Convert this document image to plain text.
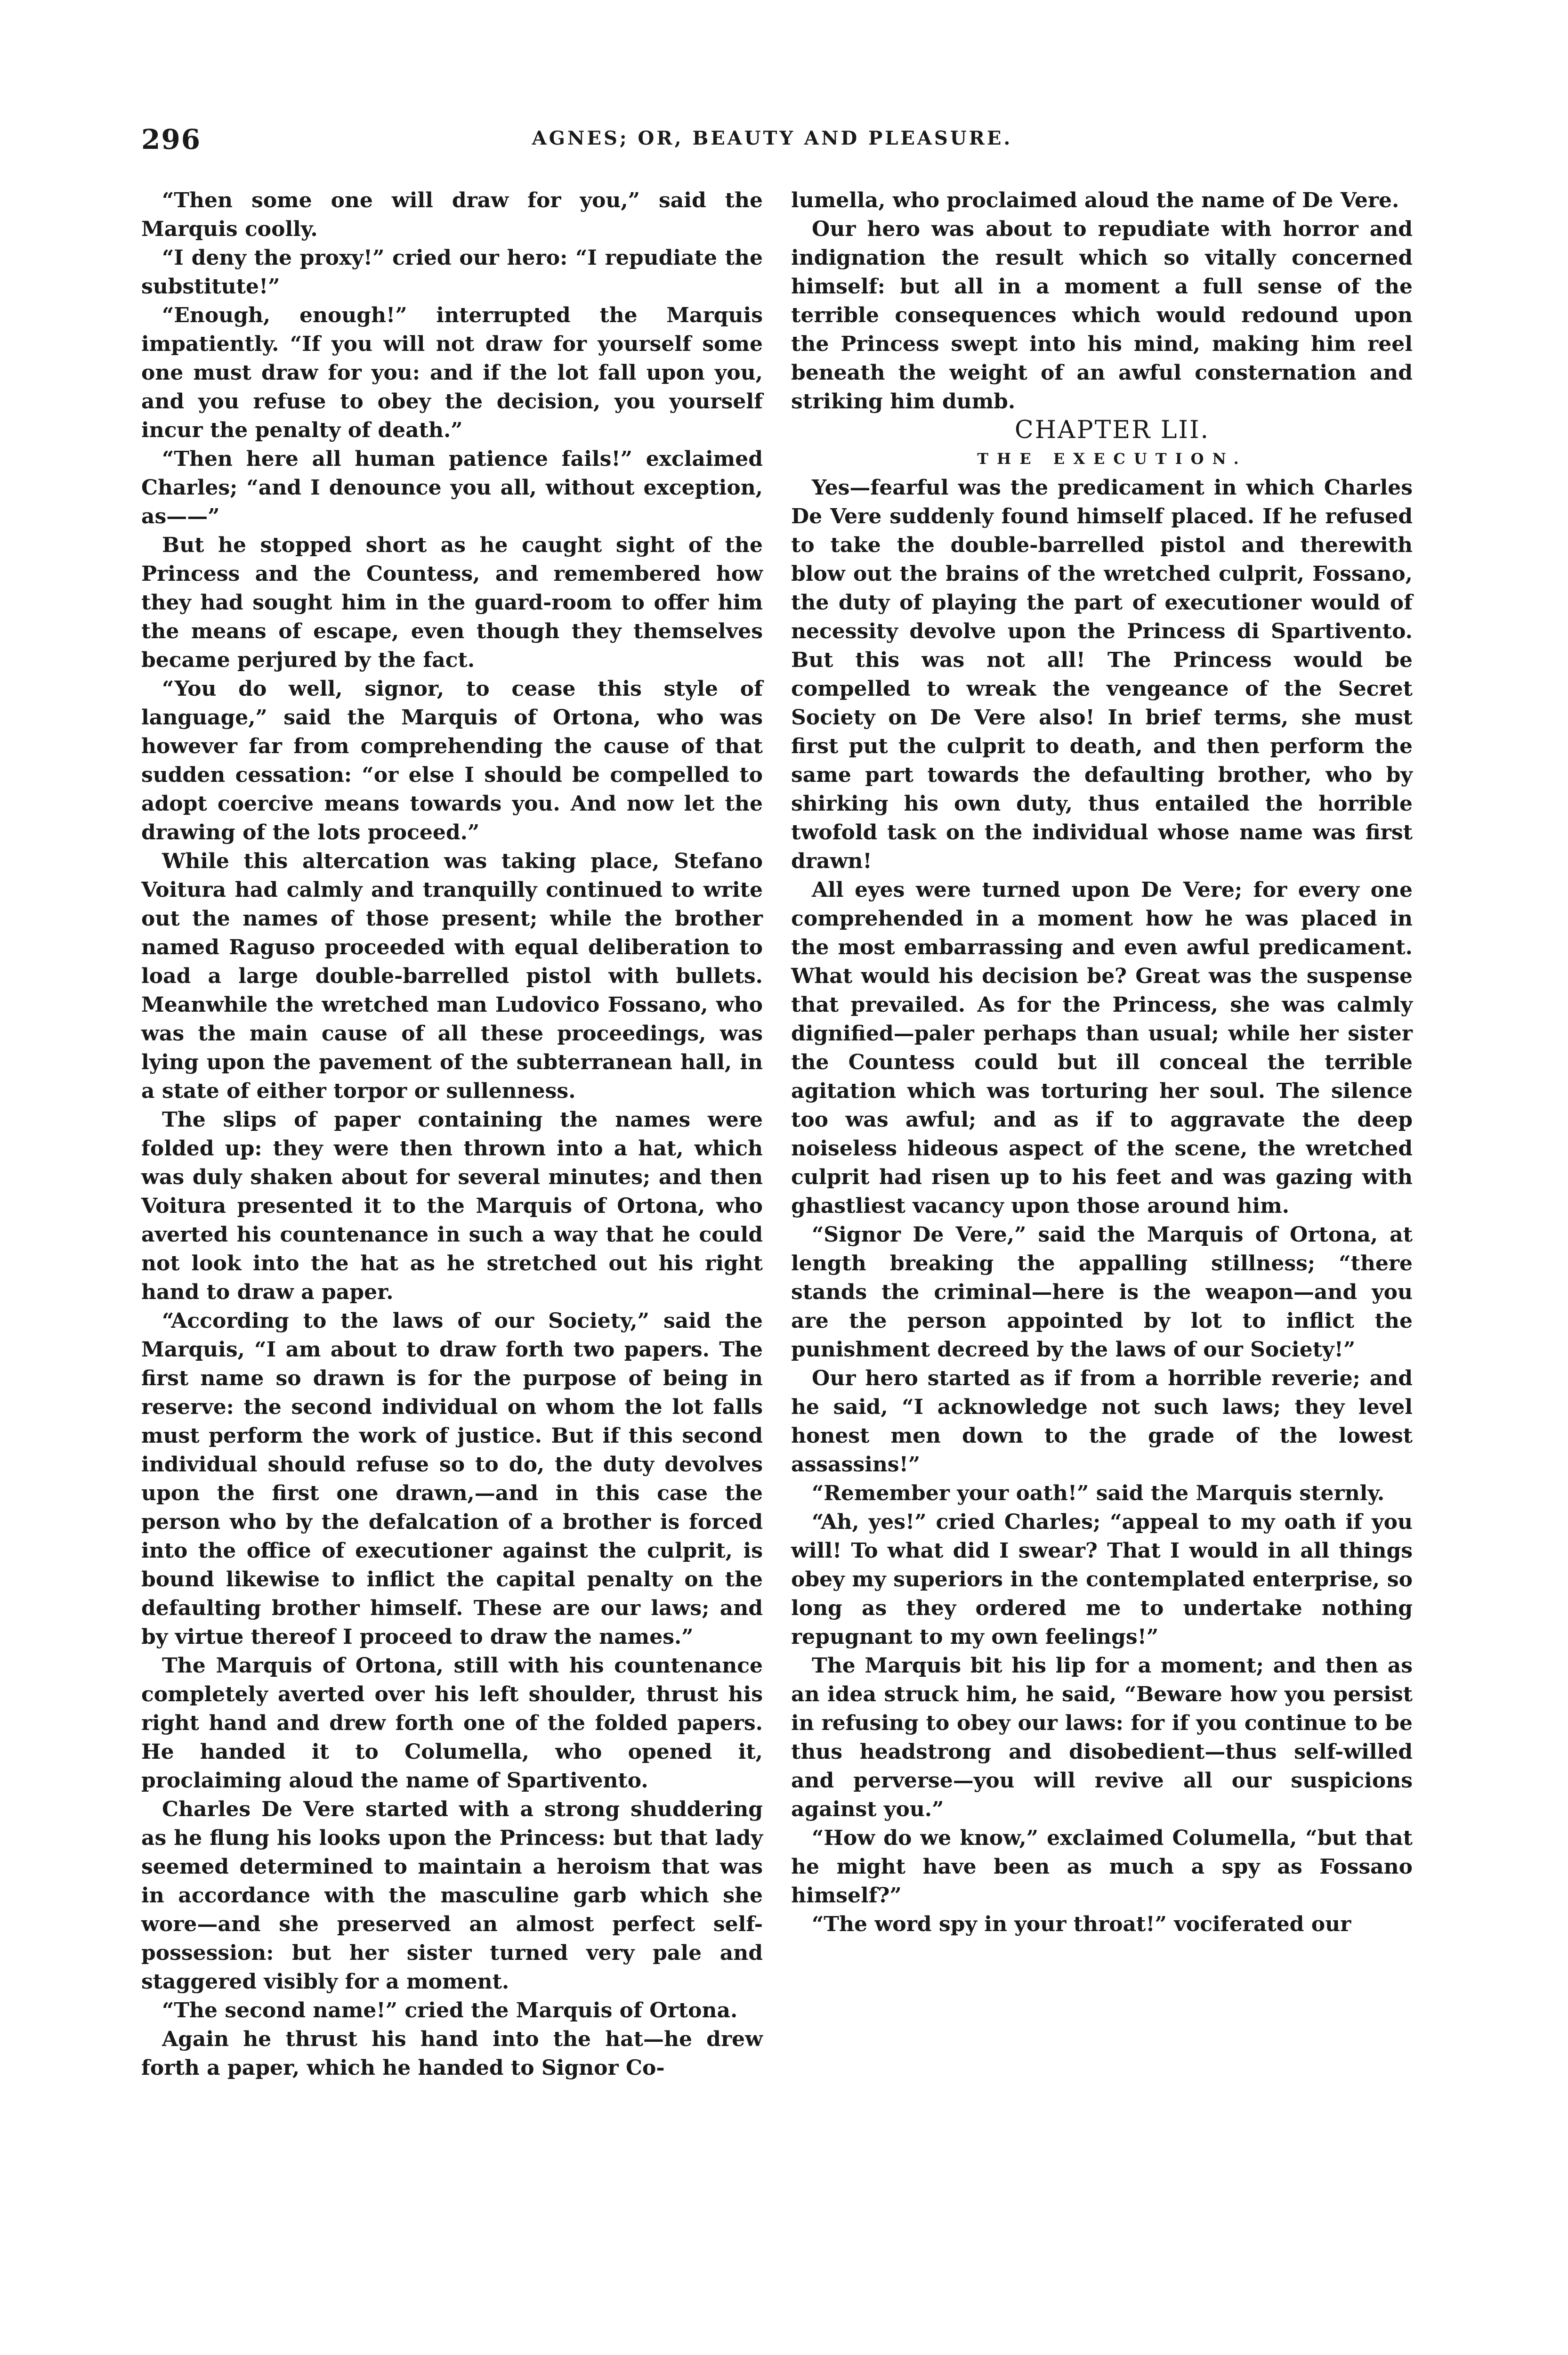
296	AGNES; OR, BEAUTY AND PLEASURE.

“Then some one will draw for you,” said the Marquis coolly.

“I deny the proxy!” cried our hero: “I repudiate the substitute!”

“Enough, enough!” interrupted the Marquis impatiently. “If you will not draw for yourself some one must draw for you: and if the lot fall upon you, and you refuse to obey the decision, you yourself incur the penalty of death.”

“Then here all human patience fails!” exclaimed Charles; “and I denounce you all, without exception, as——”

But he stopped short as he caught sight of the Princess and the Countess, and remembered how they had sought him in the guard-room to offer him the means of escape, even though they themselves became perjured by the fact.

“You do well, signor, to cease this style of language,” said the Marquis of Ortona, who was however far from comprehending the cause of that sudden cessation: “or else I should be compelled to adopt coercive means towards you. And now let the drawing of the lots proceed.”

While this altercation was taking place, Stefano Voitura had calmly and tranquilly continued to write out the names of those present; while the brother named Raguso proceeded with equal deliberation to load a large double-barrelled pistol with bullets. Meanwhile the wretched man Ludovico Fossano, who was the main cause of all these proceedings, was lying upon the pavement of the subterranean hall, in a state of either torpor or sullenness.

The slips of paper containing the names were folded up: they were then thrown into a hat, which was duly shaken about for several minutes; and then Voitura presented it to the Marquis of Ortona, who averted his countenance in such a way that he could not look into the hat as he stretched out his right hand to draw a paper.

“According to the laws of our Society,” said the Marquis, “I am about to draw forth two papers. The first name so drawn is for the purpose of being in reserve: the second individual on whom the lot falls must perform the work of justice. But if this second individual should refuse so to do, the duty devolves upon the first one drawn,—and in this case the person who by the defalcation of a brother is forced into the office of executioner against the culprit, is bound likewise to inflict the capital penalty on the defaulting brother himself. These are our laws; and by virtue thereof I proceed to draw the names.”

The Marquis of Ortona, still with his countenance completely averted over his left shoulder, thrust his right hand and drew forth one of the folded papers. He handed it to Columella, who opened it, proclaiming aloud the name of Spartivento.

Charles De Vere started with a strong shuddering as he flung his looks upon the Princess: but that lady seemed determined to maintain a heroism that was in accordance with the masculine garb which she wore—and she preserved an almost perfect self-possession: but her sister turned very pale and staggered visibly for a moment.

“The second name!” cried the Marquis of Ortona.

Again he thrust his hand into the hat—he drew forth a paper, which he handed to Signor Co-

lumella, who proclaimed aloud the name of De Vere.

Our hero was about to repudiate with horror and indignation the result which so vitally concerned himself: but all in a moment a full sense of the terrible consequences which would redound upon the Princess swept into his mind, making him reel beneath the weight of an awful consternation and striking him dumb.

CHAPTER LII.

THE EXECUTION.

Yes—fearful was the predicament in which Charles De Vere suddenly found himself placed. If he refused to take the double-barrelled pistol and therewith blow out the brains of the wretched culprit, Fossano, the duty of playing the part of executioner would of necessity devolve upon the Princess di Spartivento. But this was not all! The Princess would be compelled to wreak the vengeance of the Secret Society on De Vere also! In brief terms, she must first put the culprit to death, and then perform the same part towards the defaulting brother, who by shirking his own duty, thus entailed the horrible twofold task on the individual whose name was first drawn!

All eyes were turned upon De Vere; for every one comprehended in a moment how he was placed in the most embarrassing and even awful predicament. What would his decision be? Great was the suspense that prevailed. As for the Princess, she was calmly dignified—paler perhaps than usual; while her sister the Countess could but ill conceal the terrible agitation which was torturing her soul. The silence too was awful; and as if to aggravate the deep noiseless hideous aspect of the scene, the wretched culprit had risen up to his feet and was gazing with ghastliest vacancy upon those around him.

“Signor De Vere,” said the Marquis of Ortona, at length breaking the appalling stillness; “there stands the criminal—here is the weapon—and you are the person appointed by lot to inflict the punishment decreed by the laws of our Society!”

Our hero started as if from a horrible reverie; and he said, “I acknowledge not such laws; they level honest men down to the grade of the lowest assassins!”

“Remember your oath!” said the Marquis sternly.

“Ah, yes!” cried Charles; “appeal to my oath if you will! To what did I swear? That I would in all things obey my superiors in the contemplated enterprise, so long as they ordered me to undertake nothing repugnant to my own feelings!”

The Marquis bit his lip for a moment; and then as an idea struck him, he said, “Beware how you persist in refusing to obey our laws: for if you continue to be thus headstrong and disobedient—thus self-willed and perverse—you will revive all our suspicions against you.”

“How do we know,” exclaimed Columella, “but that he might have been as much a spy as Fossano himself?”

“The word spy in your throat!” vociferated our
